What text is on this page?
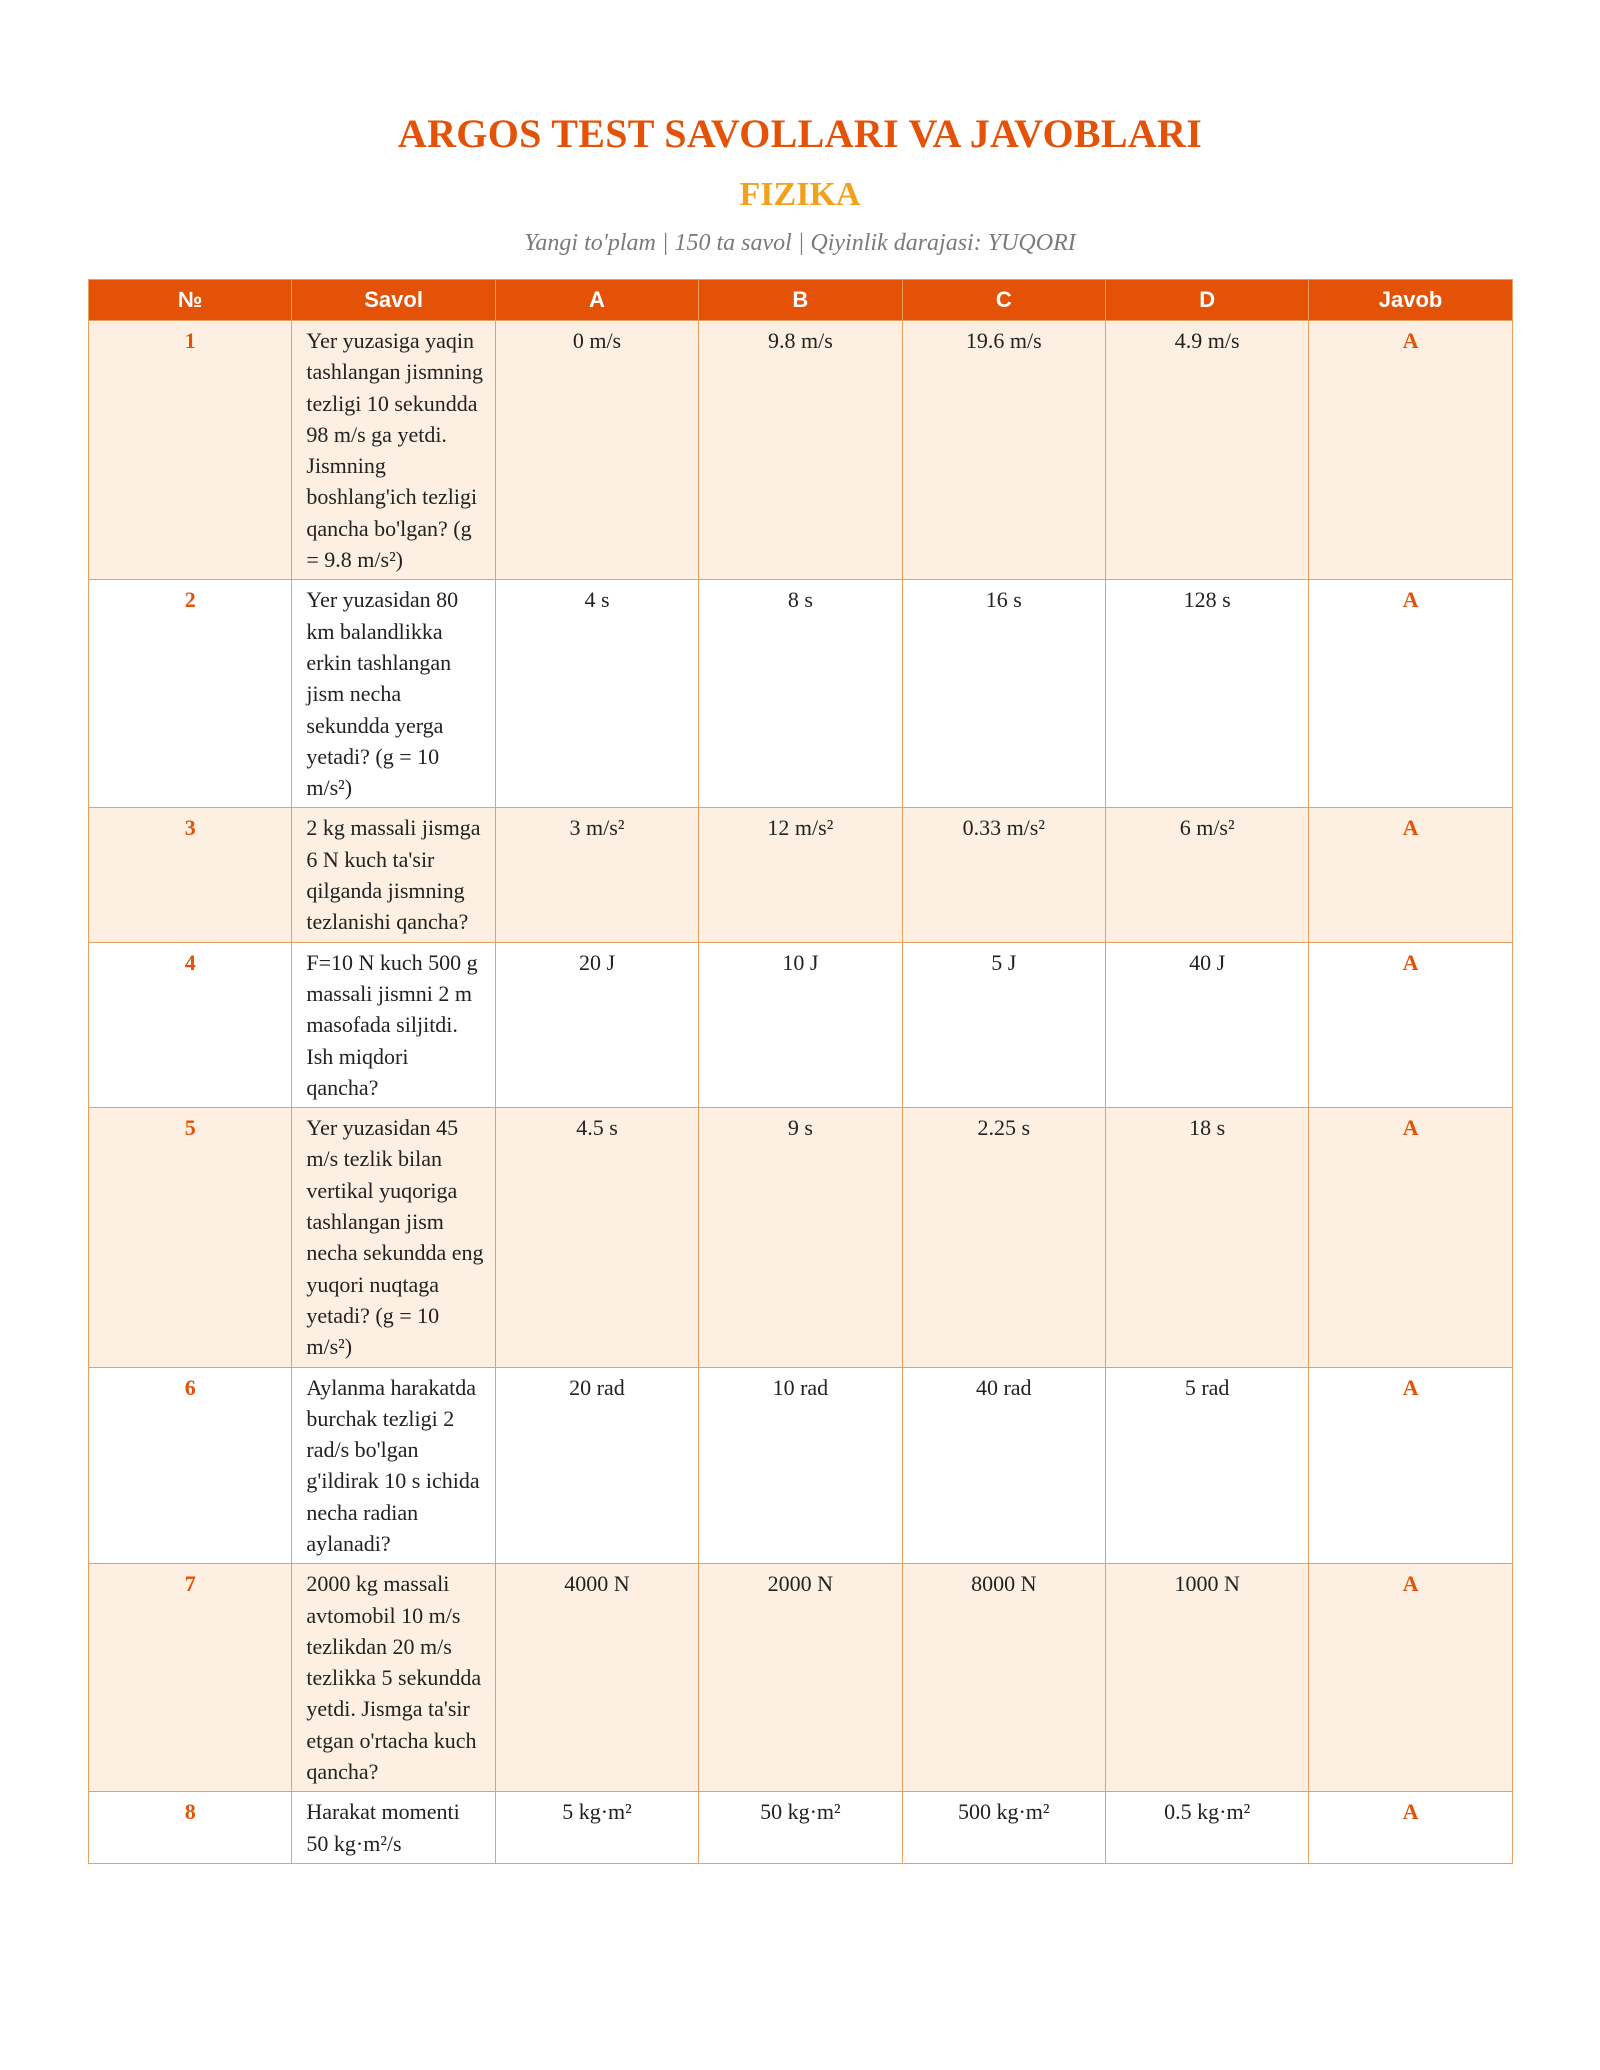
ARGOS TEST SAVOLLARI VA JAVOBLARI
FIZIKA

Yangi to'plam | 150 ta savol | Qiyinlik darajasi: YUQORI

№	Savol	A	B	C	D	Javob
1	Yer yuzasiga yaqin tashlangan jismning tezligi 10 sekundda 98 m/s ga yetdi. Jismning boshlang'ich tezligi qancha bo'lgan? (g = 9.8 m/s²)	0 m/s	9.8 m/s	19.6 m/s	4.9 m/s	A
2	Yer yuzasidan 80 km balandlikka erkin tashlangan jism necha sekundda yerga yetadi? (g = 10 m/s²)	4 s	8 s	16 s	128 s	A
3	2 kg massali jismga 6 N kuch ta'sir qilganda jismning tezlanishi qancha?	3 m/s²	12 m/s²	0.33 m/s²	6 m/s²	A
4	F=10 N kuch 500 g massali jismni 2 m masofada siljitdi. Ish miqdori qancha?	20 J	10 J	5 J	40 J	A
5	Yer yuzasidan 45 m/s tezlik bilan vertikal yuqoriga tashlangan jism necha sekundda eng yuqori nuqtaga yetadi? (g = 10 m/s²)	4.5 s	9 s	2.25 s	18 s	A
6	Aylanma harakatda burchak tezligi 2 rad/s bo'lgan g'ildirak 10 s ichida necha radian aylanadi?	20 rad	10 rad	40 rad	5 rad	A
7	2000 kg massali avtomobil 10 m/s tezlikdan 20 m/s tezlikka 5 sekundda yetdi. Jismga ta'sir etgan o'rtacha kuch qancha?	4000 N	2000 N	8000 N	1000 N	A
8	Harakat momenti 50 kg·m²/s	5 kg·m²	50 kg·m²	500 kg·m²	0.5 kg·m²	A
